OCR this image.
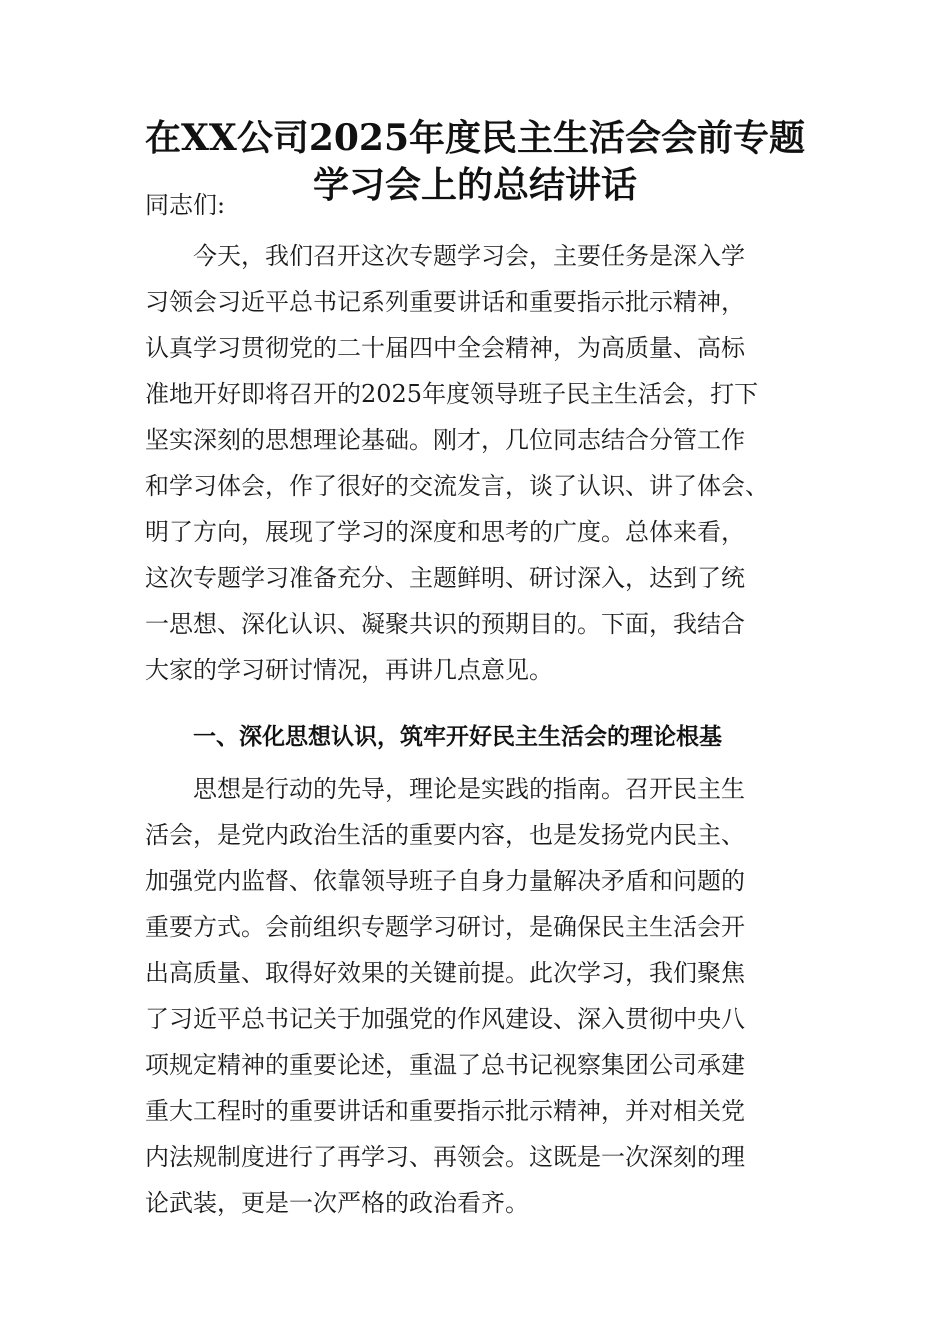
在XX公司2025年度民主生活会会前专题
学习会上的总结讲话
同志们:
今天，我们召开这次专题学习会，主要任务是深入学
习领会习近平总书记系列重要讲话和重要指示批示精神，
认真学习贯彻党的二十届四中全会精神，为高质量、高标
准地开好即将召开的2025年度领导班子民主生活会，打下
坚实深刻的思想理论基础。刚才，几位同志结合分管工作
和学习体会，作了很好的交流发言，谈了认识、讲了体会、
明了方向，展现了学习的深度和思考的广度。总体来看，
这次专题学习准备充分、主题鲜明、研讨深入，达到了统
一思想、深化认识、凝聚共识的预期目的。下面，我结合
大家的学习研讨情况，再讲几点意见。
一、深化思想认识，筑牢开好民主生活会的理论根基
思想是行动的先导，理论是实践的指南。召开民主生
活会，是党内政治生活的重要内容，也是发扬党内民主、
加强党内监督、依靠领导班子自身力量解决矛盾和问题的
重要方式。会前组织专题学习研讨，是确保民主生活会开
出高质量、取得好效果的关键前提。此次学习，我们聚焦
了习近平总书记关于加强党的作风建设、深入贯彻中央八
项规定精神的重要论述，重温了总书记视察集团公司承建
重大工程时的重要讲话和重要指示批示精神，并对相关党
内法规制度进行了再学习、再领会。这既是一次深刻的理
论武装，更是一次严格的政治看齐。
